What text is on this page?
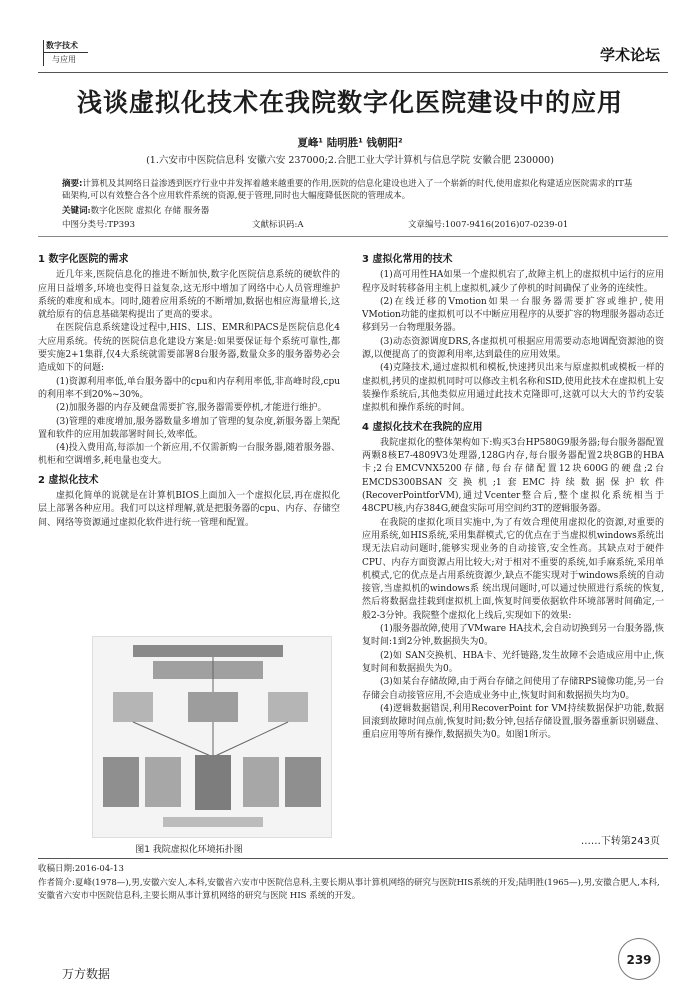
数字技术
与应用	学术论坛
浅谈虚拟化技术在我院数字化医院建设中的应用
夏峰¹ 陆明胜¹ 钱朝阳²
(1.六安市中医院信息科 安徽六安 237000;2.合肥工业大学计算机与信息学院 安徽合肥 230000)
摘要:计算机及其网络日益渗透到医疗行业中并发挥着越来越重要的作用,医院的信息化建设也进入了一个崭新的时代,使用虚拟化构建适应医院需求的IT基础架构,可以有效整合各个应用软件系统的资源,便于管理,同时也大幅度降低医院的管理成本。
关键词:数字化医院 虚拟化 存储 服务器
中图分类号:TP393	文献标识码:A	文章编号:1007-9416(2016)07-0239-01
1 数字化医院的需求

近几年来,医院信息化的推进不断加快,数字化医院信息系统的硬软件的应用日益增多,环境也变得日益复杂,这无形中增加了网络中心人员管理维护系统的难度和成本。同时,随着应用系统的不断增加,数据也相应海量增长,这就给原有的信息基础架构提出了更高的要求。

在医院信息系统建设过程中,HIS、LIS、EMR和PACS是医院信息化4大应用系统。传统的医院信息化建设方案是:如果要保证每个系统可靠性,都要实施2+1集群,仅4大系统就需要部署8台服务器,数量众多的服务器势必会造成如下的问题:

(1)资源利用率低,单台服务器中的cpu和内存利用率低,非高峰时段,cpu的利用率不到20%~30%。

(2)加服务器的内存及硬盘需要扩容,服务器需要停机,才能进行维护。

(3)管理的难度增加,服务器数量多增加了管理的复杂度,新服务器上架配置和软件的应用加载部署时间长,效率低。

(4)投入费用高,每添加一个新应用,不仅需新购一台服务器,随着服务器、机柜和空调增多,耗电量也变大。

2 虚拟化技术

虚拟化简单的说就是在计算机BIOS上面加入一个虚拟化层,再在虚拟化层上部署各种应用。我们可以这样理解,就是把服务器的cpu、内存、存储空间、网络等资源通过虚拟化软件进行统一管理和配置。

3 虚拟化常用的技术

(1)高可用性HA如果一个虚拟机宕了,故障主机上的虚拟机中运行的应用程序及时转移备用主机上虚拟机,减少了停机的时间确保了业务的连续性。

(2)在线迁移的Vmotion如果一台服务器需要扩容或维护,使用 VMotion功能的虚拟机可以不中断应用程序的从要扩容的物理服务器动态迁移到另一台物理服务器。

(3)动态资源调度DRS,各虚拟机可根据应用需要动态地调配资源池的资源,以便提高了的资源利用率,达到最佳的应用效果。

(4)克隆技术,通过虚拟机和模板,快速拷贝出来与原虚拟机或模板一样的虚拟机,拷贝的虚拟机同时可以修改主机名称和SID,使用此技术在虚拟机上安装操作系统后,其他类似应用通过此技术克隆即可,这就可以大大的节约安装虚拟机和操作系统的时间。

4 虚拟化技术在我院的应用

我院虚拟化的整体架构如下:购买3台HP580G9服务器;每台服务器配置两颗8核E7-4809V3处理器,128G内存,每台服务器配置2块8GB的HBA卡;2台EMCVNX5200存储,每台存储配置12块600G的硬盘;2台EMCDS300BSAN交换机;1套EMC持续数据保护软件(RecoverPointforVM),通过Vcenter整合后,整个虚拟化系统相当于48CPU核,内存384G,硬盘实际可用空间约3T的逻辑服务器。

在我院的虚拟化项目实施中,为了有效合理使用虚拟化的资源,对重要的应用系统,如HIS系统,采用集群模式,它的优点在于当虚拟机windows系统出现无法启动问题时,能够实现业务的自动接管,安全性高。其缺点对于硬件CPU、内存方面资源占用比较大;对于相对不重要的系统,如手麻系统,采用单机模式,它的优点是占用系统资源少,缺点不能实现对于windows系统的自动接管,当虚拟机的windows系 统出现问题时,可以通过快照进行系统的恢复,然后将数据盘挂载到虚拟机上面,恢复时间要依据软件环境部署时间确定,一般2-3分钟。我院整个虚拟化上线后,实现如下的效果:

(1)服务器故障,使用了VMware HA技术,会自动切换到另一台服务器,恢复时间:1到2分钟,数据损失为0。

(2)如 SAN交换机、HBA卡、光纤链路,发生故障不会造成应用中止,恢复时间和数据损失为0。

(3)如某台存储故障,由于两台存储之间使用了存储RPS镜像功能,另一台存储会自动接管应用,不会造成业务中止,恢复时间和数据损失均为0。

(4)逻辑数据错误,利用RecoverPoint for VM持续数据保护功能,数据回滚到故障时间点前,恢复时间;数分钟,包括存储设置,服务器重新识别磁盘、重启应用等所有操作,数据损失为0。如图1所示。

图1 我院虚拟化环境拓扑图
……下转第243页
收稿日期:2016-04-13
作者简介:夏峰(1978—),男,安徽六安人,本科,安徽省六安市中医院信息科,主要长期从事计算机网络的研究与医院HIS系统的开发;陆明胜(1965—),男,安徽合肥人,本科,安徽省六安市中医院信息科,主要长期从事计算机网络的研究与医院 HIS 系统的开发。
239
万方数据
